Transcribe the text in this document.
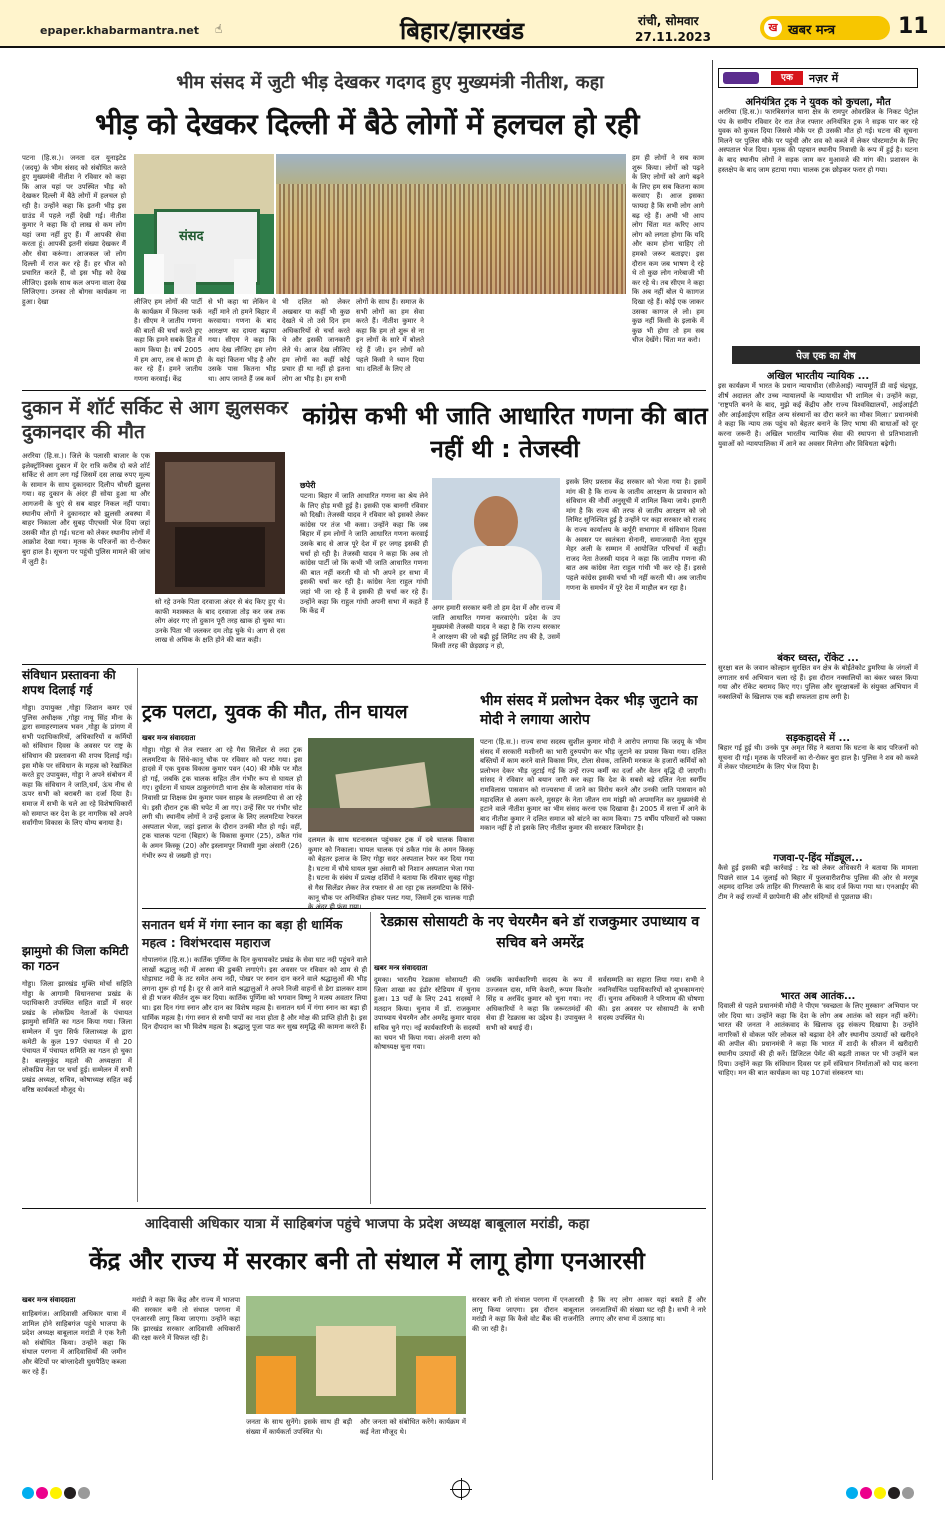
epaper.khabarmantra.net ☝	बिहार/झारखंड	रांची, सोमवार
27.11.2023
ख खबर मन्त्र	11
भीम संसद में जुटी भीड़ देखकर गदगद हुए मुख्यमंत्री नीतीश, कहा
भीड़ को देखकर दिल्ली में बैठे लोगों में हलचल हो रही
पटना (हि.स.)। जनता दल यूनाइटेड (जदयू) के भीम संसद को संबोधित करते हुए मुख्यमंत्री नीतीश ने रविवार को कहा कि आज यहां पर उपस्थित भीड़ को देखकर दिल्ली में बैठे लोगों में हलचल हो रही है। उन्होंने कहा कि इतनी भीड़ इस ग्राउंड में पहले नहीं देखी गई। नीतीश कुमार ने कहा कि दो लाख से कम लोग यहां जमा नहीं हुए हैं। मैं आपकी सेवा करता हूं। आपकी इतनी संख्या देखकर मैं और सेवा करूंगा। आजकल जो लोग दिल्ली में राज कर रहे हैं। हर चीज को प्रचारित करते हैं, वो इस भीड़ को देख लीजिए। इसके साथ कल अपना वाला देख लिजिएगा। उनका तो बोगस कार्यक्रम ना हुआ। देखा
संसद
लीजिए हम लोगों की पार्टी के कार्यक्रम में कितना फर्क है। सीएम ने जातीय गणना की बातों की चर्चा करते हुए कहा कि हमने सबके हित में काम किया है। वर्ष 2005 में हम आए, तब से काम ही कर रहे हैं। हमने जातीय गणना करवाई। केंद्र
से भी कहा था लेकिन वे नहीं माने तो हमने बिहार में करवाया। गणना के बाद आरक्षण का दायरा बढ़ाया गया। सीएम ने कहा कि आप देख लीजिए हम लोग के यहां कितना भीड़ है और उसके पास कितना भीड़ था। आप जानते हैं जब कर्म
भी दलित को लेकर अखबार या कहीं भी कुछ देखते थे तो उसे दिन हम अधिकारियों से चर्चा करते थे और इसकी जानकारी लेते थे। आज देख लीजिए हम लोगों का कहीं कोई प्रचार ही था नहीं हो इतना लोग आ भीड़ है। हम सभी
लोगों के साथ हैं। समाज के सभी लोगों का हम सेवा करते हैं। नीतीश कुमार ने कहा कि हम तो शुरू से ना इन लोगों के सारे में बोलते रहे हैं जी। इन लोगों को पहले किसी ने ध्यान दिया था। दलितों के लिए तो
हम ही लोगों ने सब काम शुरू किया। लोगों को पढ़ने के लिए लोगों को आगे बढ़ने के लिए हम सब कितना काम करवाए हैं। आज इसका फायदा है कि सभी लोग आगे बढ़ रहे हैं। अभी भी आप लोग चिंता मत करिए आप लोग को लगता होगा कि यदि और काम होना चाहिए तो हमको जरूर बताइए। इस दौरान कम जब भाषण दे रहे थे तो कुछ लोग नारेबाजी भी कर रहे थे। तब सीएम ने कहा कि अब नहीं बोल ये काागज दिखा रहे हैं। कोई एक जाकर उसका कागज ले लो। हम कुछ नहीं किसी के इलाके में कुछ भी होगा तो हम सब चीज देखेंगे। चिंता मत करो।
दुकान में शॉर्ट सर्किट से आग झुलसकर दुकानदार की मौत
अररिया (हि.स.)। जिले के पलासी बाजार के एक इलेक्ट्रॉनिक्स दुकान में देर रात्रि करीब दो बजे शॉर्ट सर्किट से आग लग गई जिसमें दस लाख रुपए मूल्य के सामान के साथ दुकानदार दिलीप चौधरी झुलस गया। वह दुकान के अंदर ही सोया हुआ था और आगजनी के धुएं से सब बाहर निकल नहीं पाया। स्थानीय लोगों ने दुकानदार को झुलसी अवस्था में बाहर निकाला और सुबह पीएचसी भेज दिया जहां उसकी मौत हो गई। घटना को लेकर स्थानीय लोगों में आक्रोश देखा गया। मृतक के परिजनों का रो-रोकर बुरा हाल है। सूचना पर पहुंची पुलिस मामले की जांच में जुटी है।
सो रहे उनके पिता दरवाजा अंदर से बंद किए हुए थे। काफी मशक्कत के बाद दरवाजा तोड़ कर जब तक लोग अंदर गए तो दुकान पूरी तरह खाक हो चुका था। उनके पिता भी जलकर दम तोड़ चुके थे। आग से दस लाख से अधिक के क्षति होने की बात कही।
कांग्रेस कभी भी जाति आधारित गणना की बात नहीं थी : तेजस्वी
छपेरी
पटना। बिहार में जाति आधारित गणना का श्रेय लेने के लिए होड़ मची हुई है। इसकी एक बानगी रविवार को दिखी। तेजस्वी यादव ने रविवार को इसको लेकर कांग्रेस पर तंज भी कसा। उन्होंने कहा कि जब बिहार में हम लोगों ने जाति आधारित गणना करवाई उसके बाद से आज पूरे देश में हर जगह इसकी ही चर्चा हो रही है। तेजस्वी यादव ने कहा कि अब तो कांग्रेस पार्टी जो कि कभी भी जाति आधारित गणना की बात नहीं करती थी वो भी अपने हर सभा में इसकी चर्चा कर रही है। कांग्रेस नेता राहुल गांधी जहां भी जा रहे हैं वे इसकी ही चर्चा कर रहे हैं। उन्होंने कहा कि राहुल गांधी अपनी सभा में कहते हैं कि केंद्र में	अगर हमारी सरकार बनी तो हम देश में और राज्य में जाति आधारित गणना करवाएंगे। प्रदेश के उप मुख्यमंत्री तेजस्वी यादव ने कहा है कि राज्य सरकार ने आरक्षण की जो बढ़ी हुई लिमिट तय की है, उसमें किसी तरह की छेड़छाड़ न हो,
इसके लिए प्रस्ताव केंद्र सरकार को भेजा गया है। इसमें मांग की है कि राज्य के जातीय आरक्षण के प्रावधान को संविधान की नौवीं अनुसूची में शामिल किया जाये। हमारी मांग है कि राज्य की तरफ से जातीय आरक्षण को जो लिमिट सुनिश्चित हुई है उन्होंने पर कहा सरकार को राजद के राज्य कार्यालय के कर्पूरी सभागार में संविधान दिवस के अवसर पर स्वतंत्रता सेनानी, समाजवादी नेता सुपुत्र मेहर अली के सम्मान में आयोजित परिचर्चा में कही। राजद नेता तेजस्वी यादव ने कहा कि जातीय गणना की बात अब कांग्रेस नेता राहुल गांधी भी कर रहे हैं। इससे पहले कांग्रेस इसकी चर्चा भी नहीं करती थी। अब जातीय गणना के समर्थन में पूरे देश में माहौल बन रहा है।
संविधान प्रस्तावना की शपथ दिलाई गई
गोड्डा। उपायुक्त ,गोड्डा जिशान कमर एवं पुलिस अधीक्षक ,गोड्डा नाथू सिंह मीना के द्वारा समाहरणालय भवन ,गोड्डा के प्रांगण में सभी पदाधिकारियों, अधिकारियों व कर्मियों को संविधान दिवस के अवसर पर राष्ट्र के संविधान की प्रस्तावना की शपथ दिलाई गई। इस मौके पर संविधान के महत्व को रेखांकित करते हुए उपायुक्त, गोड्डा ने अपने संबोधन में कहा कि संविधान ने जाति,धर्म, ऊंच नीच से ऊपर सभी को बराबरी का दर्जा दिया है। समाज में सभी के चले आ रहे विशेषाधिकारों को समाप्त कर देश के हर नागरिक को अपने सर्वांगीण विकास के लिए योग्य बनाया है।
झामुमो की जिला कमिटी का गठन
गोड्डा। जिला झारखंड मुक्ति मोर्चा सहिति गोड्डा के आगामी विधानसभा प्रखंड के पदाधिकारी उपस्थित सहित वार्डों में सदर प्रखंड के लोकप्रिय नेताओं के पंचायत झामुमो समिति का गठन किया गया। जिला सम्मेलन में पुरा सिर्फ जिलाध्यक्ष के द्वारा कमेटी के कुल 197 पंचायत में से 20 पंचायत में पंचायत समिति का गठन हो चुका है। बालमुकुंद महतो की अध्यक्षता में लोकप्रिय नेता पर चर्चा हुई। सम्मेलन में सभी प्रखंड अध्यक्ष, सचिव, कोषाध्यक्ष सहित कई वरिष्ठ कार्यकर्ता मौजूद थे।
ट्रक पलटा, युवक की मौत, तीन घायल
खबर मन्त्र संवाददाता
गोड्डा। गोड्डा से तेज रफ्तार आ रहे गैस सिलेंडर से लदा ट्रक ललमटिया के सिंधे-कानू चौक पर रविवार को पलट गया। इस हादसे में एक युवक विकास कुमार पवन (40) की मौके पर मौत हो गई, जबकि ट्रक चालक सहित तीन गंभीर रूप से घायल हो गए। दुर्घटना में घायल ठाकुरगंगटी थाना क्षेत्र के कोलावारा गांव के निवासी प्रा शिक्षक प्रेम कुमार पवन साहब के ललमटिया से आ रहे थे। इसी दौरान ट्रक की चपेट में आ गए। उन्हें सिर पर गंभीर चोट लगी थी। स्थानीय लोगों ने उन्हें इलाज के लिए ललमटिया रेफरल अस्पताल भेजा, जहां इलाज के दौरान उनकी मौत हो गई। वहीं, ट्रक चालक पटना (बिहार) के विकास कुमार (25), ठकैत गांव के अमन किस्कू (20) और इस्लामपुर निवासी मुन्ना अंसारी (26) गंभीर रूप से जख्मी हो गए।
दलमल के साथ घटनास्थल पहुंचकर ट्रक में दबे चालक विकास कुमार को निकाला। घायल चालक एवं ठकैत गांव के अमन किस्कू को बेहतर इलाज के लिए गोड्डा सदर अस्पताल रेफर कर दिया गया है। घटना में चौथे घायल मुन्ना अंसारी को निशान अस्पताल भेजा गया है। घटना के संबंध में प्रत्यक्ष दर्शियों ने बताया कि रविवार सुबह गोड्डा से गैस सिलेंडर लेकर तेज रफ्तार से आ रहा ट्रक ललमटिया के सिंधे-कानू चौक पर अनियंत्रित होकर पलट गया, जिसमें ट्रक चालक गाड़ी
भीम संसद में प्रलोभन देकर भीड़ जुटाने का मोदी ने लगाया आरोप
पटना (हि.स.)। राज्य सभा सदस्य सुशील कुमार मोदी ने आरोप लगाया कि जदयू के भीम संसद में सरकारी मशीनरी का भारी दुरुपयोग कर भीड़ जुटाने का प्रयास किया गया। दलित बस्तियों में काम करने वाले विकास मित्र, टोला सेवक, तालिमी मरकज के हजारों कर्मियों को प्रलोभन देकर भीड़ जुटाई गई कि उन्हें राज्य कर्मी का दर्जा और वेतन वृद्धि दी जाएगी। सांसद ने रविवार को बयान जारी कर कहा कि देश के सबसे बड़े दलित नेता स्वर्गीय रामविलास पासवान को राज्यसभा में जाने का विरोध करने और उनकी जाति पासवान को महादलित से अलग करने, मुसहर के नेता जीतन राम मांझी को अपमानित कर मुख्यमंत्री से हटाने वाले नीतीश कुमार का भीम संसद करना एक दिखावा है। 2005 में सत्ता में आने के बाद नीतीश कुमार ने दलित समाज को बांटने का काम किया। 75 वर्षीय परिवारों को पक्का मकान नहीं है तो इसके लिए नीतीश कुमार की सरकार जिम्मेदार है।
सनातन धर्म में गंगा स्नान का बड़ा ही धार्मिक महत्व : विशंभरदास महाराज
गोपालगंज (हि.स.)। कार्तिक पूर्णिमा के दिन कुचायकोट प्रखंड के सेवा घाट नदी पहुंचने वाले लाखों श्रद्धालु नदी में आस्था की डुबकी लगाएंगे। इस अवसर पर रविवार को शाम से ही घोड़ाघाट नदी के तट समेत अन्य नदी, पोखर पर स्नान दान करने वाले श्रद्धालुओं की भीड़ लगना शुरू हो गई है। दूर से आने वाले श्रद्धालुओं ने अपने निजी वाहनों से डेरा डालकर शाम से ही भजन कीर्तन शुरू कर दिया। कार्तिक पूर्णिमा को भगवान विष्णु ने मत्स्य अवतार लिया था। इस दिन गंगा स्नान और दान का विशेष महत्व है। सनातन धर्म में गंगा स्नान का बड़ा ही धार्मिक महत्व है। गंगा स्नान से सभी पापों का नाश होता है और मोक्ष की प्राप्ति होती है। इस दिन दीपदान का भी विशेष महत्व है। श्रद्धालु पूजा पाठ कर सुख समृद्धि की कामना करते हैं।
रेडक्रास सोसायटी के नए चेयरमैन बने डॉ राजकुमार उपाध्याय व सचिव बने अमरेंद्र
खबर मन्त्र संवाददाता
दुमका। भारतीय रेडक्रास सोसायटी की जिला शाखा का इंडोर स्टेडियम में चुनाव हुआ। 13 पदों के लिए 241 सदस्यों ने मतदान किया। चुनाव में डॉ. राजकुमार उपाध्याय चेयरमैन और अमरेंद्र कुमार यादव सचिव चुने गए। नई कार्यकारिणी के सदस्यों का चयन भी किया गया। अंजनी शरण को कोषाध्यक्ष चुना गया।
जबकि कार्यकारिणी सदस्य के रूप में उज्जवल दास, मणि केशरी, रूपम किशोर सिंह व अरविंद कुमार को चुना गया। नए अधिकारियों ने कहा कि जरूरतमंदों की सेवा ही रेडक्रास का उद्देश्य है। उपायुक्त ने सभी को बधाई दी।
सर्वसम्मति का सहारा लिया गया। सभी ने नवनिर्वाचित पदाधिकारियों को शुभकामनाएं दीं। चुनाव अधिकारी ने परिणाम की घोषणा की। इस अवसर पर सोसायटी के सभी सदस्य उपस्थित थे।
आदिवासी अधिकार यात्रा में साहिबगंज पहुंचे भाजपा के प्रदेश अध्यक्ष बाबूलाल मरांडी, कहा
केंद्र और राज्य में सरकार बनी तो संथाल में लागू होगा एनआरसी
खबर मन्त्र संवाददाता
साहिबगंज। आदिवासी अधिकार यात्रा में शामिल होने साहिबगंज पहुंचे भाजपा के प्रदेश अध्यक्ष बाबूलाल मरांडी ने एक रैली को संबोधित किया। उन्होंने कहा कि संथाल परगना में आदिवासियों की जमीन और बेटियों पर बांग्लादेशी घुसपैठिए कब्जा कर रहे हैं।
मरांडी ने कहा कि केंद्र और राज्य में भाजपा की सरकार बनी तो संथाल परगना में एनआरसी लागू किया जाएगा। उन्होंने कहा कि झारखंड सरकार आदिवासी अधिकारों की रक्षा करने में विफल रही है।
जनता के साथ सुनेंगे। इसके साथ ही बड़ी संख्या में कार्यकर्ता उपस्थित थे।
और जनता को संबोधित करेंगे। कार्यक्रम में कई नेता मौजूद थे।
सरकार बनी तो संथाल परगना में एनआरसी लागू किया जाएगा। इस दौरान बाबूलाल मरांडी ने कहा कि कैसे वोट बैंक की राजनीति की जा रही है।
है कि नए लोग आकर यहां बसते हैं और जनजातियों की संख्या घट रही है। सभी ने नारे लगाए और सभा में उत्साह था।
एक	नज़र में
अनियंत्रित ट्रक ने युवक को कुचला, मौत
अररिया (हि.स.)। फारबिसगंज थाना क्षेत्र के रामपुर ओवरब्रिज के निकट पेट्रोल पंप के समीप रविवार देर रात तेज रफ्तार अनियंत्रित ट्रक ने सड़क पार कर रहे युवक को कुचल दिया जिससे मौके पर ही उसकी मौत हो गई। घटना की सूचना मिलने पर पुलिस मौके पर पहुंची और शव को कब्जे में लेकर पोस्टमार्टम के लिए अस्पताल भेज दिया। मृतक की पहचान स्थानीय निवासी के रूप में हुई है। घटना के बाद स्थानीय लोगों ने सड़क जाम कर मुआवजे की मांग की। प्रशासन के हस्तक्षेप के बाद जाम हटाया गया। चालक ट्रक छोड़कर फरार हो गया।
पेज एक का शेष
अखिल भारतीय न्यायिक ...
इस कार्यक्रम में भारत के प्रधान न्यायाधीश (सीजेआई) न्यायमूर्ति डी वाई चंद्रचूड़, शीर्ष अदालत और उच्च न्यायालयों के न्यायाधीश भी शामिल थे। उन्होंने कहा, 'राष्ट्रपति बनने के बाद, मुझे कई केंद्रीय और राज्य विश्वविद्यालयों, आईआईटी और आईआईएम सहित अन्य संस्थानों का दौरा करने का मौका मिला।' प्रधानमंत्री ने कहा कि न्याय तक पहुंच को बेहतर बनाने के लिए भाषा की बाधाओं को दूर करना जरूरी है। अखिल भारतीय न्यायिक सेवा की स्थापना से प्रतिभाशाली युवाओं को न्यायपालिका में आने का अवसर मिलेगा और विविधता बढ़ेगी।
बंकर ध्वस्त, रॉकेट ...
सुरक्षा बल के जवान कोल्हान सुरक्षित वन क्षेत्र के बोईतेकोट डुमरिया के जंगलों में लगातार सर्च अभियान चला रहे हैं। इस दौरान नक्सलियों का बंकर ध्वस्त किया गया और रॉकेट बरामद किए गए। पुलिस और सुरक्षाबलों के संयुक्त अभियान में नक्सलियों के खिलाफ एक बड़ी सफलता हाथ लगी है।
सड़कहादसे में ...
बिहार गई हुई थी। उनके पुत्र अमृत सिंह ने बताया कि घटना के बाद परिजनों को सूचना दी गई। मृतक के परिजनों का रो-रोकर बुरा हाल है। पुलिस ने शव को कब्जे में लेकर पोस्टमार्टम के लिए भेज दिया है।
गजवा-ए-हिंद मॉड्यूल...
कैसे हुई इसकी बड़ी कार्रवाई : रेड को लेकर अधिकारी ने बताया कि मामला पिछले साल 14 जुलाई को बिहार में फुलवारीशरीफ पुलिस की ओर से मरगूब अहमद दानिश उर्फ ताहिर की गिरफ्तारी के बाद दर्ज किया गया था। एनआईए की टीम ने कई राज्यों में छापेमारी की और संदिग्धों से पूछताछ की।
भारत अब आतंक...
दिवाली से पहले प्रधानमंत्री मोदी ने पीएम 'स्वच्छता के लिए मुस्कान' अभियान पर जोर दिया था। उन्होंने कहा कि देश के लोग अब आतंक को सहन नहीं करेंगे। भारत की जनता ने आतंकवाद के खिलाफ दृढ़ संकल्प दिखाया है। उन्होंने नागरिकों से वोकल फॉर लोकल को बढ़ावा देने और स्थानीय उत्पादों को खरीदने की अपील की। प्रधानमंत्री ने कहा कि भारत में शादी के सीजन में खरीदारी स्थानीय उत्पादों की ही करें। डिजिटल पेमेंट की बढ़ती ताकत पर भी उन्होंने बल दिया। उन्होंने कहा कि संविधान दिवस पर हमें संविधान निर्माताओं को याद करना चाहिए। मन की बात कार्यक्रम का यह 107वां संस्करण था।
